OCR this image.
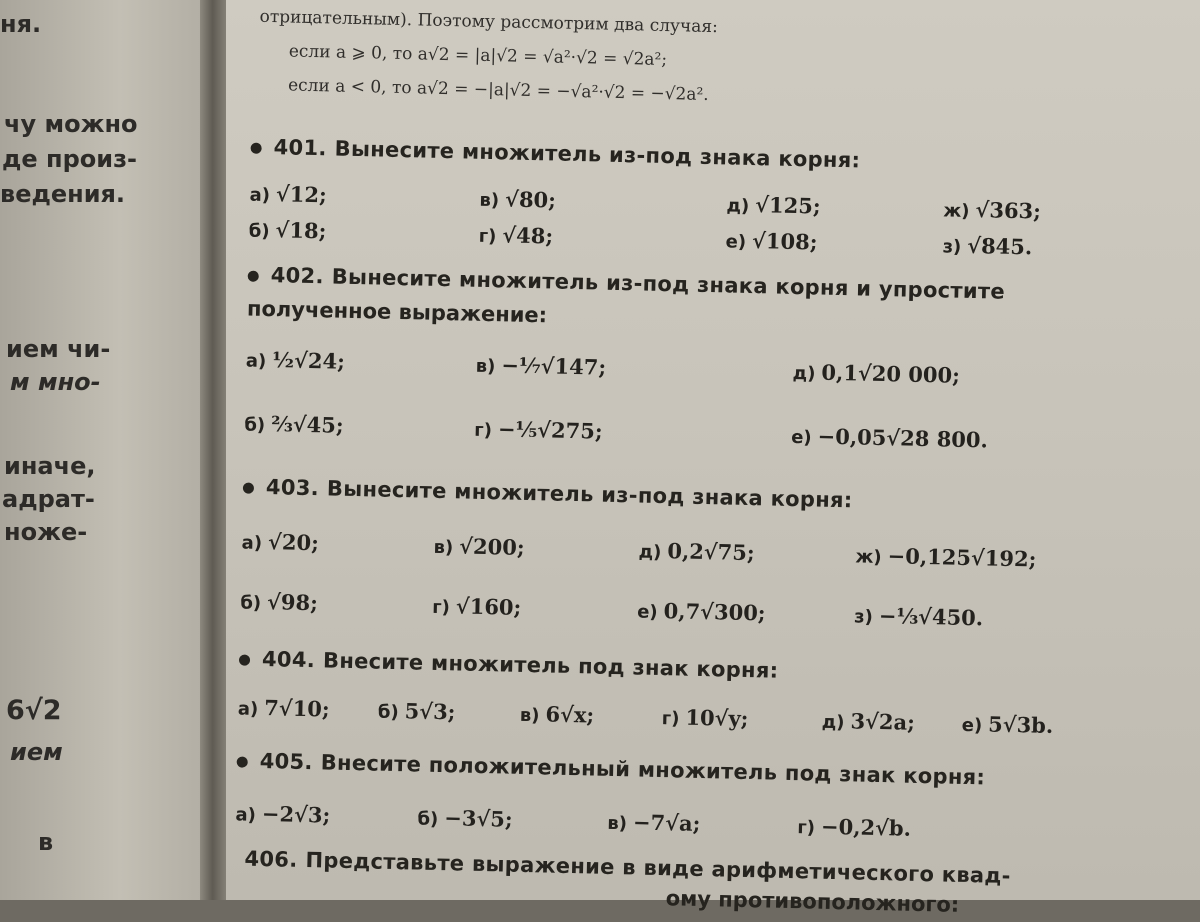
ня.
чу можно
де произ-
ведения.
ием чи-
м мно-
иначе,
адрат-
ноже-
6√2
ием
в
отрицательным). Поэтому рассмотрим два случая:
если a ⩾ 0, то a√2 = |a|√2 = √a²·√2 = √2a²;
если a < 0, то a√2 = −|a|√2 = −√a²·√2 = −√2a².
401. Вынесите множитель из-под знака корня:
а) √12;	в) √80;	д) √125;	ж) √363;
б) √18;	г) √48;	е) √108;	з) √845.
402. Вынесите множитель из-под знака корня и упростите
полученное выражение:
а) ½√24;	в) −⅐√147;	д) 0,1√20 000;
б) ⅔√45;	г) −⅕√275;	е) −0,05√28 800.
403. Вынесите множитель из-под знака корня:
а) √20;	в) √200;	д) 0,2√75;	ж) −0,125√192;
б) √98;	г) √160;	е) 0,7√300;	з) −⅓√450.
404. Внесите множитель под знак корня:
а) 7√10;	б) 5√3;	в) 6√x;	г) 10√y;	д) 3√2a;	е) 5√3b.
405. Внесите положительный множитель под знак корня:
а) −2√3;	б) −3√5;	в) −7√a;	г) −0,2√b.
406. Представьте выражение в виде арифметического квад-
ому противоположного:
